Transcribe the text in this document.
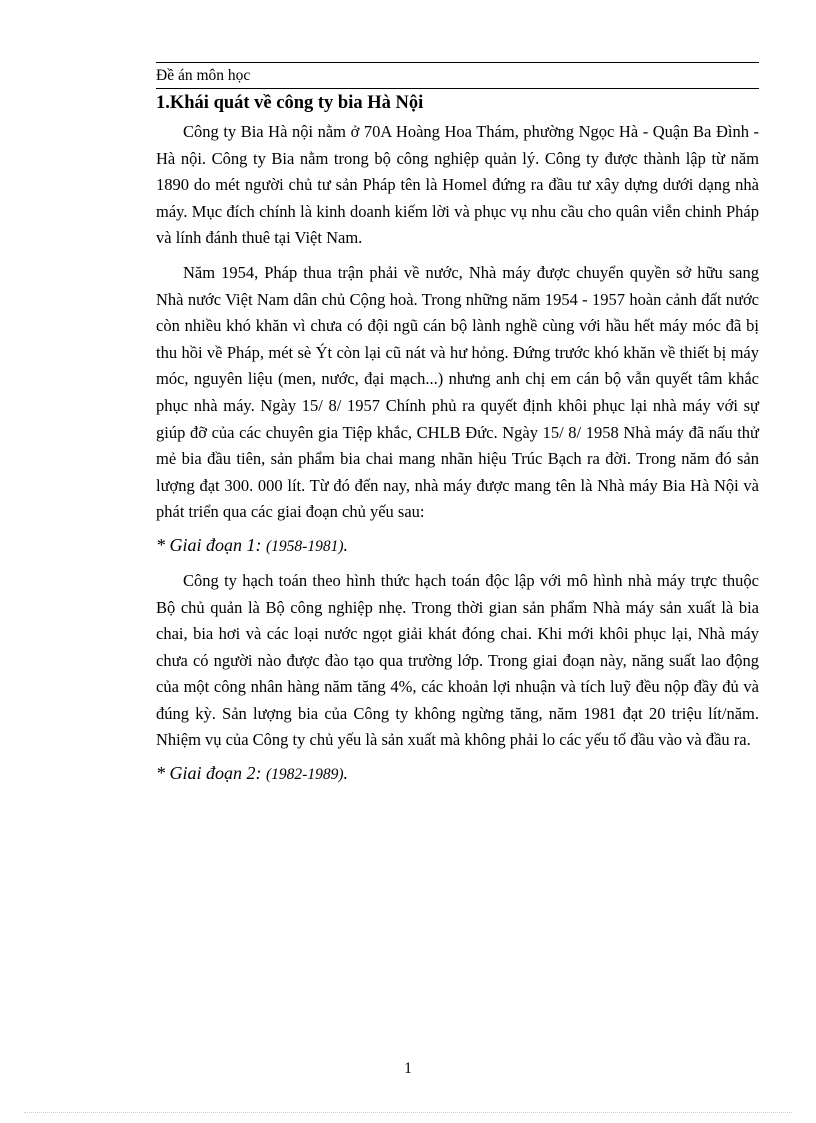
Đề án môn học
1.Khái quát về công ty bia Hà Nội

Công ty Bia Hà nội nằm ở 70A Hoàng Hoa Thám, phường Ngọc Hà - Quận Ba Đình - Hà nội. Công ty Bia nằm trong bộ công nghiệp quản lý. Công ty được thành lập từ năm 1890 do mét người chủ tư sản Pháp tên là Homel đứng ra đầu tư xây dựng dưới dạng nhà máy. Mục đích chính là kinh doanh kiếm lời và phục vụ nhu cầu cho quân viễn chinh Pháp và lính đánh thuê tại Việt Nam.

Năm 1954, Pháp thua trận phải về nước, Nhà máy được chuyển quyền sở hữu sang Nhà nước Việt Nam dân chủ Cộng hoà. Trong những năm 1954 - 1957 hoàn cảnh đất nước còn nhiều khó khăn vì chưa có đội ngũ cán bộ lành nghề cùng với hầu hết máy móc đã bị thu hồi về Pháp, mét sè Ýt còn lại cũ nát và hư hỏng. Đứng trước khó khăn về thiết bị máy móc, nguyên liệu (men, nước, đại mạch...) nhưng anh chị em cán bộ vẫn quyết tâm khắc phục nhà máy. Ngày 15/ 8/ 1957 Chính phủ ra quyết định khôi phục lại nhà máy với sự giúp đỡ của các chuyên gia Tiệp khắc, CHLB Đức. Ngày 15/ 8/ 1958 Nhà máy đã nấu thử mẻ bia đầu tiên, sản phẩm bia chai mang nhãn hiệu Trúc Bạch ra đời. Trong năm đó sản lượng đạt 300. 000 lít. Từ đó đến nay, nhà máy được mang tên là Nhà máy Bia Hà Nội và phát triển qua các giai đoạn chủ yếu sau:

* Giai đoạn 1: (1958-1981).

Công ty hạch toán theo hình thức hạch toán độc lập với mô hình nhà máy trực thuộc Bộ chủ quản là Bộ công nghiệp nhẹ. Trong thời gian sản phẩm Nhà máy sản xuất là bia chai, bia hơi và các loại nước ngọt giải khát đóng chai. Khi mới khôi phục lại, Nhà máy chưa có người nào được đào tạo qua trường lớp. Trong giai đoạn này, năng suất lao động của một công nhân hàng năm tăng 4%, các khoản lợi nhuận và tích luỹ đều nộp đầy đủ và đúng kỳ. Sản lượng bia của Công ty không ngừng tăng, năm 1981 đạt 20 triệu lít/năm. Nhiệm vụ của Công ty chủ yếu là sản xuất mà không phải lo các yếu tố đầu vào và đầu ra.

* Giai đoạn 2: (1982-1989).
1
